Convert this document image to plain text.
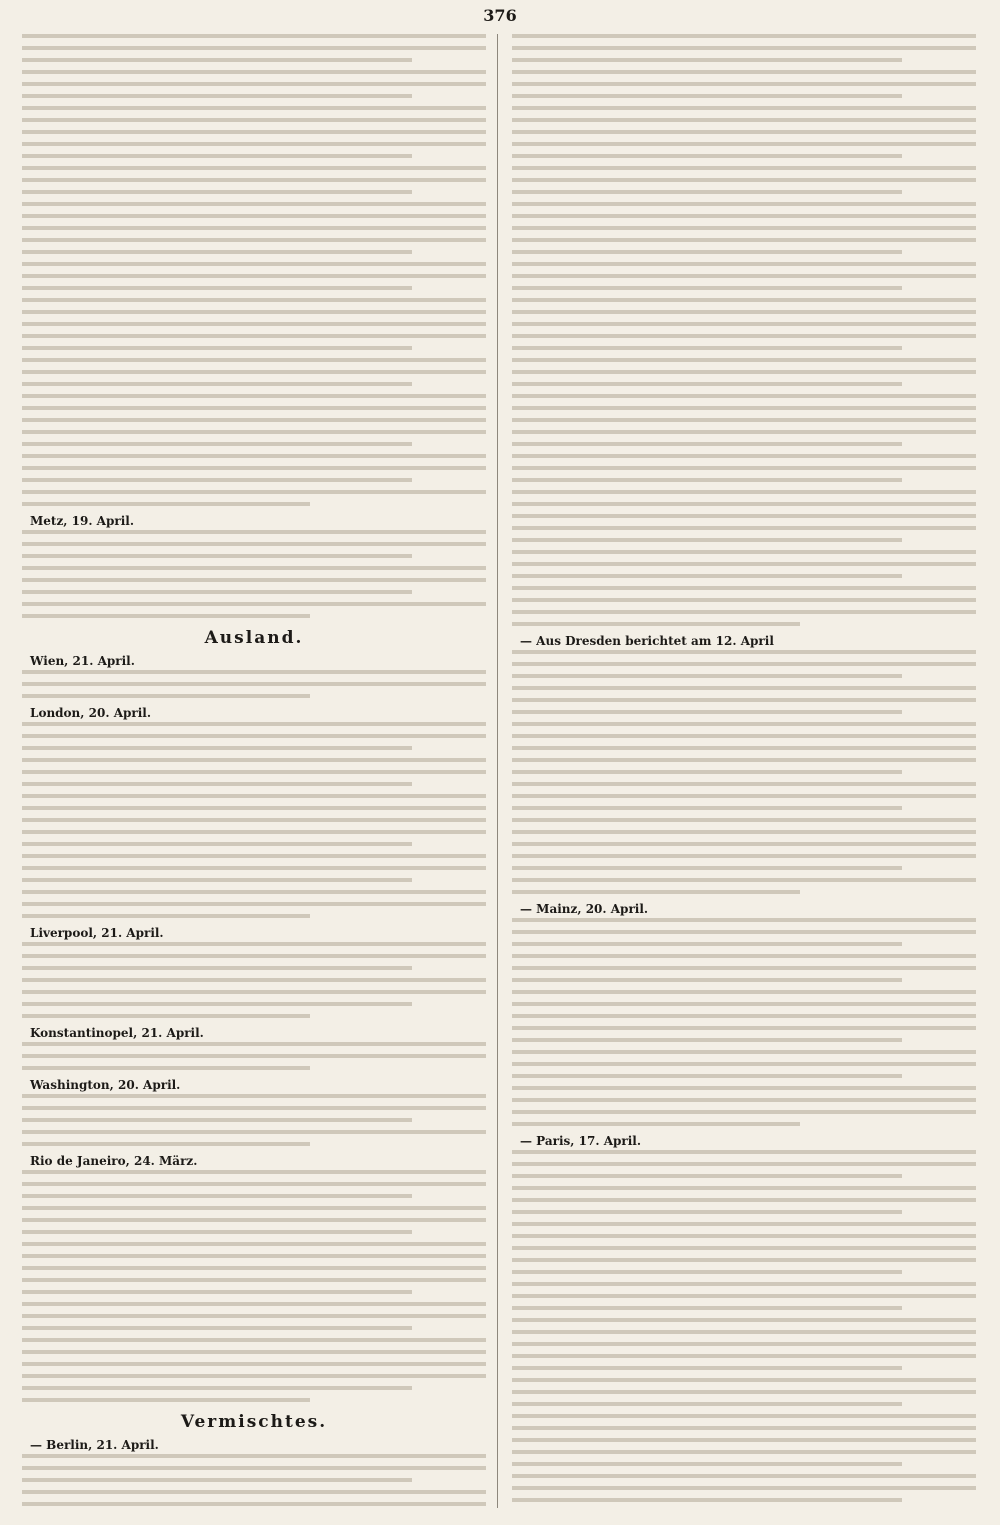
376
Metz, 19. April.
Ausland.
Wien, 21. April.
London, 20. April.
Liverpool, 21. April.
Konstantinopel, 21. April.
Washington, 20. April.
Rio de Janeiro, 24. März.
Vermischtes.
— Berlin, 21. April.
— Aus Dresden berichtet am 12. April
— Mainz, 20. April.
— Paris, 17. April.
